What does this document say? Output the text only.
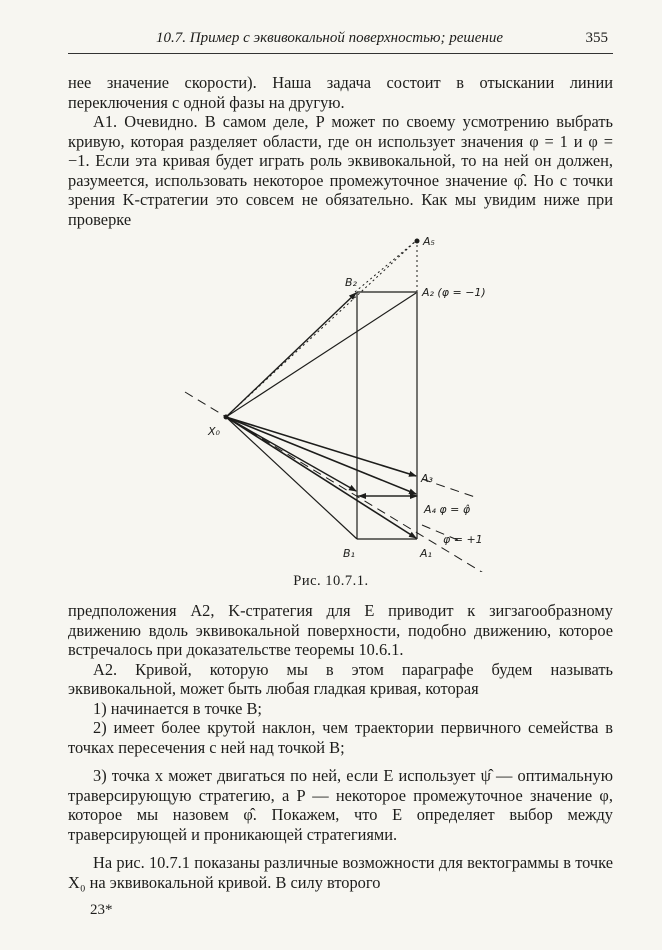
10.7. Пример с эквивокальной поверхностью; решение	355

нее значение скорости). Наша задача состоит в отыскании линии переключения с одной фазы на другую.

А1. Очевидно. В самом деле, P может по своему усмотрению выбрать кривую, которая разделяет области, где он использует значения φ = 1 и φ = −1. Если эта кривая будет играть роль эквивокальной, то на ней он должен, разумеется, использовать некоторое промежуточное значение φ̂. Но с точки зрения K-стратегии это совсем не обязательно. Как мы увидим ниже при проверке

A₅
B₂
A₂ (φ = −1)
X₀
A₃
A₄ φ = φ̂
φ = +1
B₁	A₁
Рис. 10.7.1.

предположения А2, K-стратегия для E приводит к зигзагообразному движению вдоль эквивокальной поверхности, подобно движению, которое встречалось при доказательстве теоремы 10.6.1.

А2. Кривой, которую мы в этом параграфе будем называть эквивокальной, может быть любая гладкая кривая, которая

1) начинается в точке B;

2) имеет более крутой наклон, чем траектории первичного семейства в точках пересечения с ней над точкой B;

3) точка x может двигаться по ней, если E использует ψ̂ — оптимальную траверсирующую стратегию, а P — некоторое промежуточное значение φ, которое мы назовем φ̂. Покажем, что E определяет выбор между траверсирующей и проникающей стратегиями.

На рис. 10.7.1 показаны различные возможности для вектограммы в точке X₀ на эквивокальной кривой. В силу второго

23*
